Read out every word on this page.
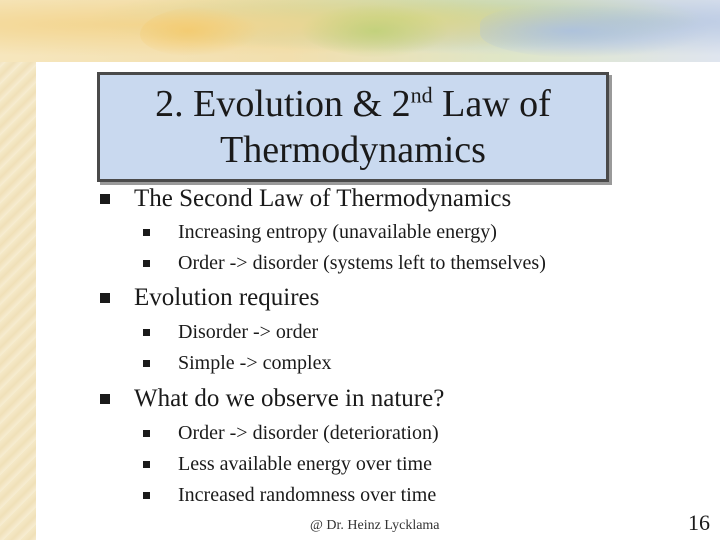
2. Evolution & 2nd Law of
Thermodynamics
The Second Law of Thermodynamics
Increasing entropy (unavailable energy)
Order -> disorder (systems left to themselves)
Evolution requires
Disorder -> order
Simple -> complex
What do we observe in nature?
Order -> disorder (deterioration)
Less available energy over time
Increased randomness over time
@ Dr. Heinz Lycklama	16
